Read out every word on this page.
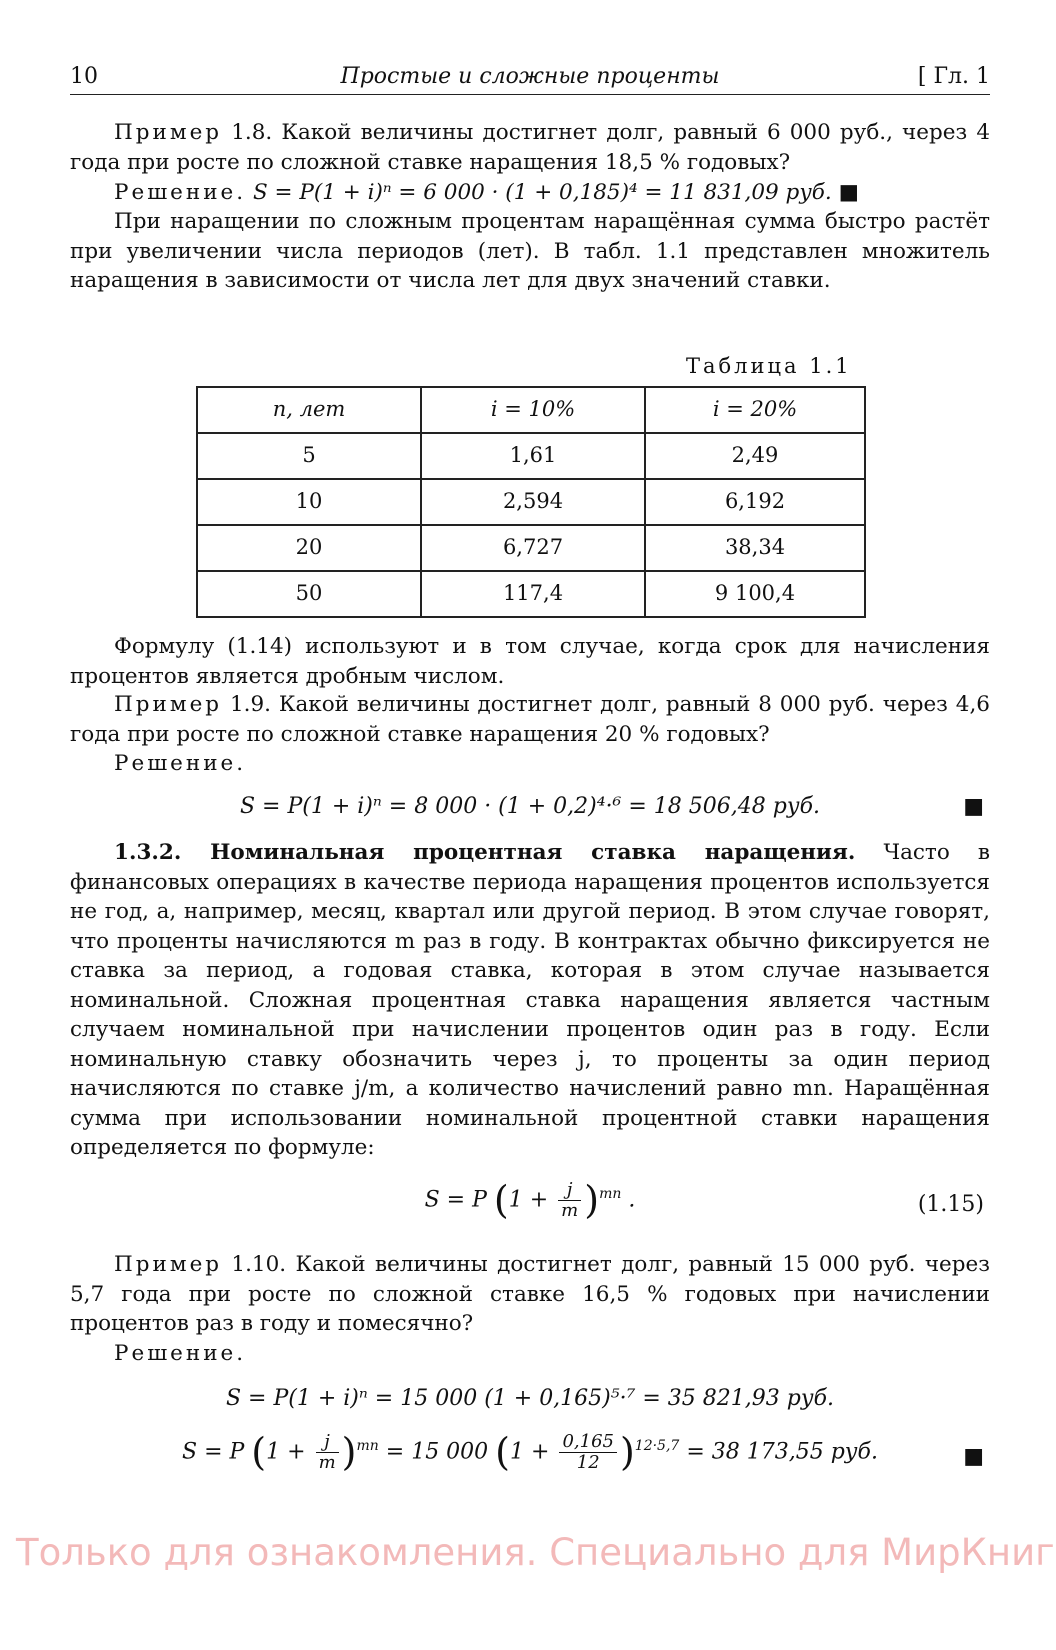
10	Простые и сложные проценты	[ Гл. 1
Пример 1.8. Какой величины достигнет долг, равный 6 000 руб., через 4 года при росте по сложной ставке наращения 18,5 % годовых?
Решение. S = P(1 + i)ⁿ = 6 000 · (1 + 0,185)⁴ = 11 831,09 руб. ■
При наращении по сложным процентам наращённая сумма быстро растёт при увеличении числа периодов (лет). В табл. 1.1 представлен множитель наращения в зависимости от числа лет для двух значений ставки.
Таблица 1.1
n, лет	i = 10%	i = 20%
5	1,61	2,49
10	2,594	6,192
20	6,727	38,34
50	117,4	9 100,4
Формулу (1.14) используют и в том случае, когда срок для начисления процентов является дробным числом.
Пример 1.9. Какой величины достигнет долг, равный 8 000 руб. через 4,6 года при росте по сложной ставке наращения 20 % годовых?
Решение.
S = P(1 + i)ⁿ = 8 000 · (1 + 0,2)⁴·⁶ = 18 506,48 руб.	■
1.3.2. Номинальная процентная ставка наращения. Часто в финансовых операциях в качестве периода наращения процентов используется не год, а, например, месяц, квартал или другой период. В этом случае говорят, что проценты начисляются m раз в году. В контрактах обычно фиксируется не ставка за период, а годовая ставка, которая в этом случае называется номинальной. Сложная процентная ставка наращения является частным случаем номинальной при начислении процентов один раз в году. Если номинальную ставку обозначить через j, то проценты за один период начисляются по ставке j/m, а количество начислений равно mn. Наращённая сумма при использовании номинальной процентной ставки наращения определяется по формуле:
S = P $(1 + \frac{j}{m} )^{mn}$ .	(1.15)
Пример 1.10. Какой величины достигнет долг, равный 15 000 руб. через 5,7 года при росте по сложной ставке 16,5 % годовых при начислении процентов раз в году и помесячно?
Решение.
S = P(1 + i)ⁿ = 15 000 (1 + 0,165)⁵·⁷ = 35 821,93 руб.
S = P $(1 + \frac{j}{m} )^{mn} = 15$ 000 $(1 + \frac{0,165}{12} )^{12\cdot 5,7} = 38$ 173,55 руб.	■
Только для ознакомления. Специально для МирКниг
